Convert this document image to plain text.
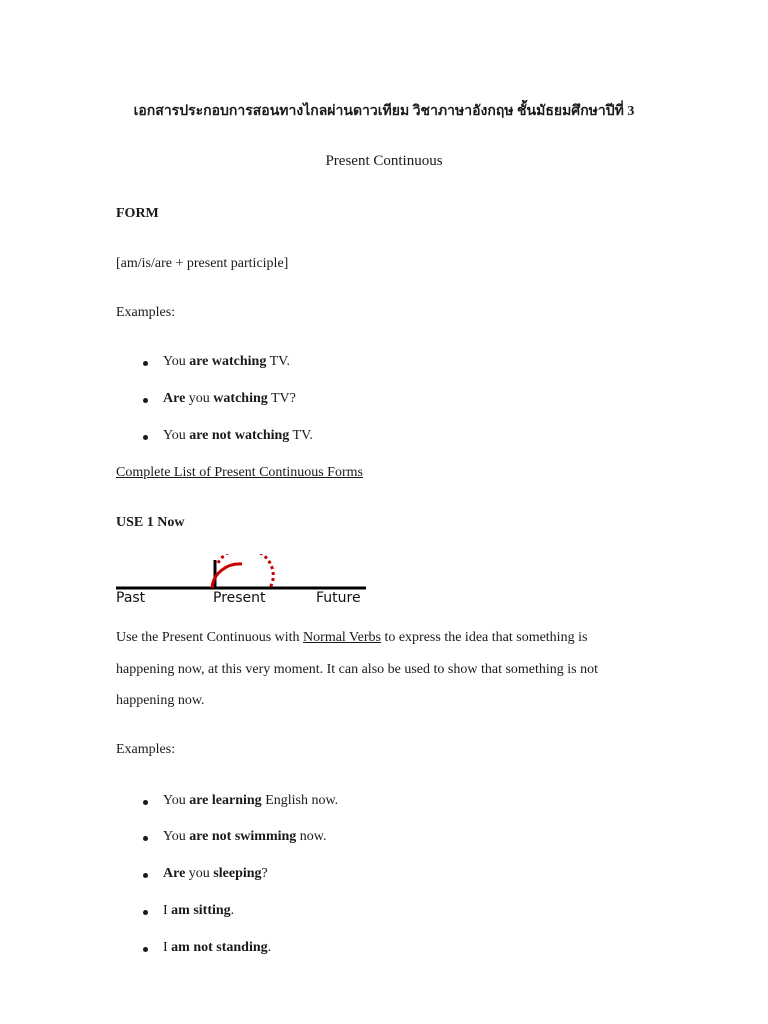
เอกสารประกอบการสอนทางไกลผ่านดาวเทียม วิชาภาษาอังกฤษ ชั้นมัธยมศึกษาปีที่ 3
Present Continuous
FORM
[am/is/are + present participle]
Examples:
You are watching TV.
Are you watching TV?
You are not watching TV.
Complete List of Present Continuous Forms
USE 1 Now
Past	Present	Future
Use the Present Continuous with Normal Verbs to express the idea that something is
happening now, at this very moment. It can also be used to show that something is not
happening now.
Examples:
You are learning English now.
You are not swimming now.
Are you sleeping?
I am sitting.
I am not standing.
